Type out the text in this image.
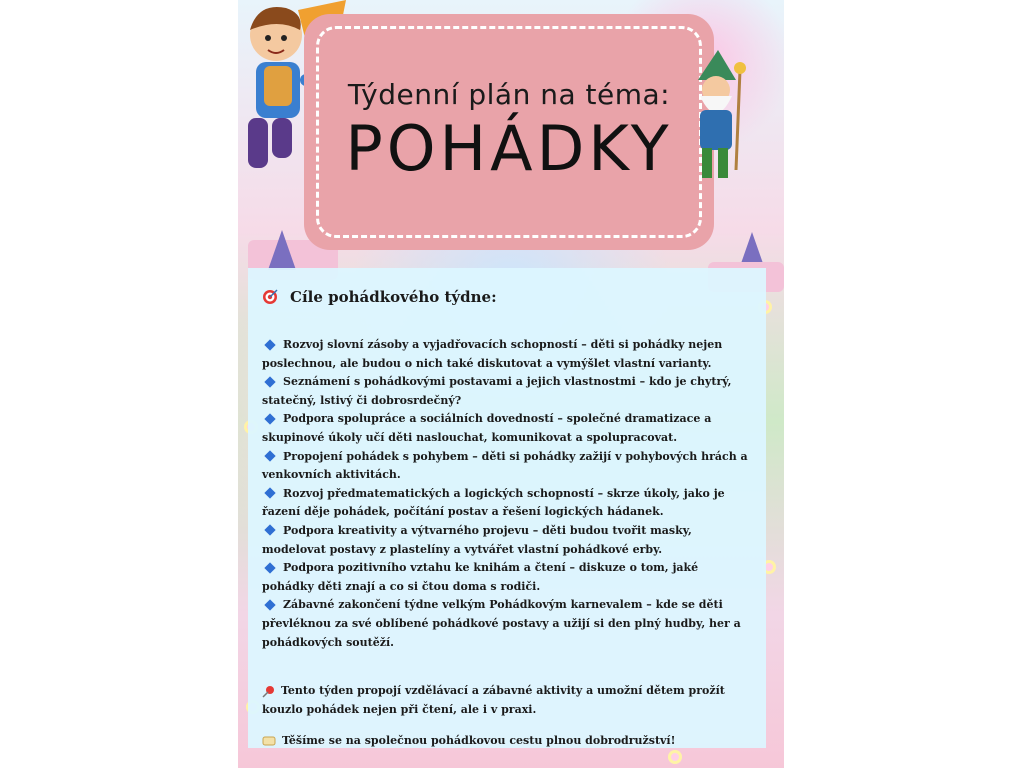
Týdenní plán na téma:
POHÁDKY
Cíle pohádkového týdne:

Rozvoj slovní zásoby a vyjadřovacích schopností – děti si pohádky nejen poslechnou, ale budou o nich také diskutovat a vymýšlet vlastní varianty.

Seznámení s pohádkovými postavami a jejich vlastnostmi – kdo je chytrý, statečný, lstivý či dobrosrdečný?

Podpora spolupráce a sociálních dovedností – společné dramatizace a skupinové úkoly učí děti naslouchat, komunikovat a spolupracovat.

Propojení pohádek s pohybem – děti si pohádky zažijí v pohybových hrách a venkovních aktivitách.

Rozvoj předmatematických a logických schopností – skrze úkoly, jako je řazení děje pohádek, počítání postav a řešení logických hádanek.

Podpora kreativity a výtvarného projevu – děti budou tvořit masky, modelovat postavy z plastelíny a vytvářet vlastní pohádkové erby.

Podpora pozitivního vztahu ke knihám a čtení – diskuze o tom, jaké pohádky děti znají a co si čtou doma s rodiči.

Zábavné zakončení týdne velkým Pohádkovým karnevalem – kde se děti převléknou za své oblíbené pohádkové postavy a užijí si den plný hudby, her a pohádkových soutěží.

Tento týden propojí vzdělávací a zábavné aktivity a umožní dětem prožít kouzlo pohádek nejen při čtení, ale i v praxi.
Těšíme se na společnou pohádkovou cestu plnou dobrodružství!
